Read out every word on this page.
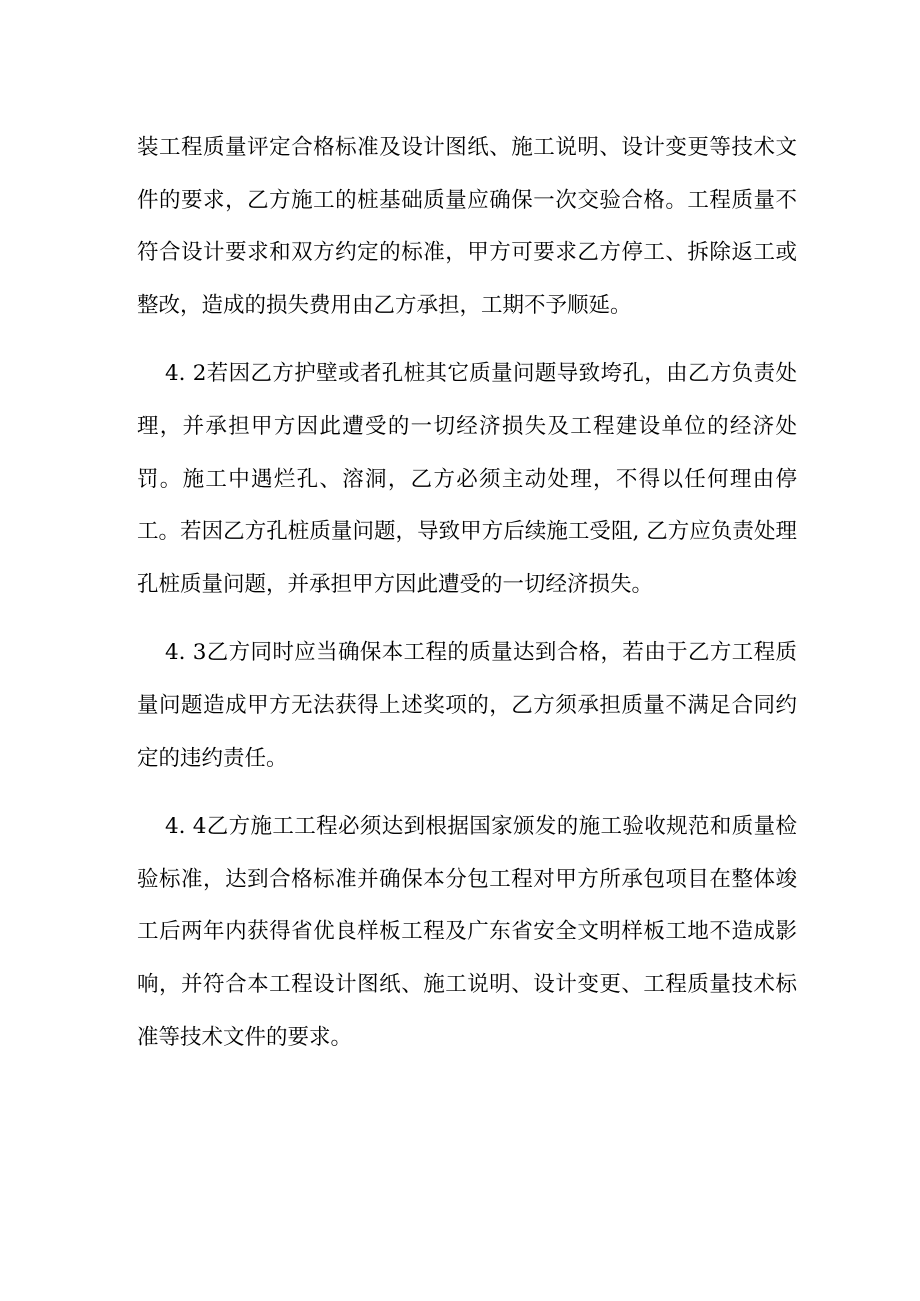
装工程质量评定合格标准及设计图纸、施工说明、设计变更等技术文件的要求，乙方施工的桩基础质量应确保一次交验合格。工程质量不符合设计要求和双方约定的标准，甲方可要求乙方停工、拆除返工或整改，造成的损失费用由乙方承担，工期不予顺延。

4. 2若因乙方护壁或者孔桩其它质量问题导致垮孔，由乙方负责处理，并承担甲方因此遭受的一切经济损失及工程建设单位的经济处罚。施工中遇烂孔、溶洞，乙方必须主动处理，不得以任何理由停工。若因乙方孔桩质量问题，导致甲方后续施工受阻, 乙方应负责处理孔桩质量问题，并承担甲方因此遭受的一切经济损失。

4. 3乙方同时应当确保本工程的质量达到合格，若由于乙方工程质量问题造成甲方无法获得上述奖项的，乙方须承担质量不满足合同约定的违约责任。

4. 4乙方施工工程必须达到根据国家颁发的施工验收规范和质量检验标准，达到合格标准并确保本分包工程对甲方所承包项目在整体竣工后两年内获得省优良样板工程及广东省安全文明样板工地不造成影响，并符合本工程设计图纸、施工说明、设计变更、工程质量技术标准等技术文件的要求。
